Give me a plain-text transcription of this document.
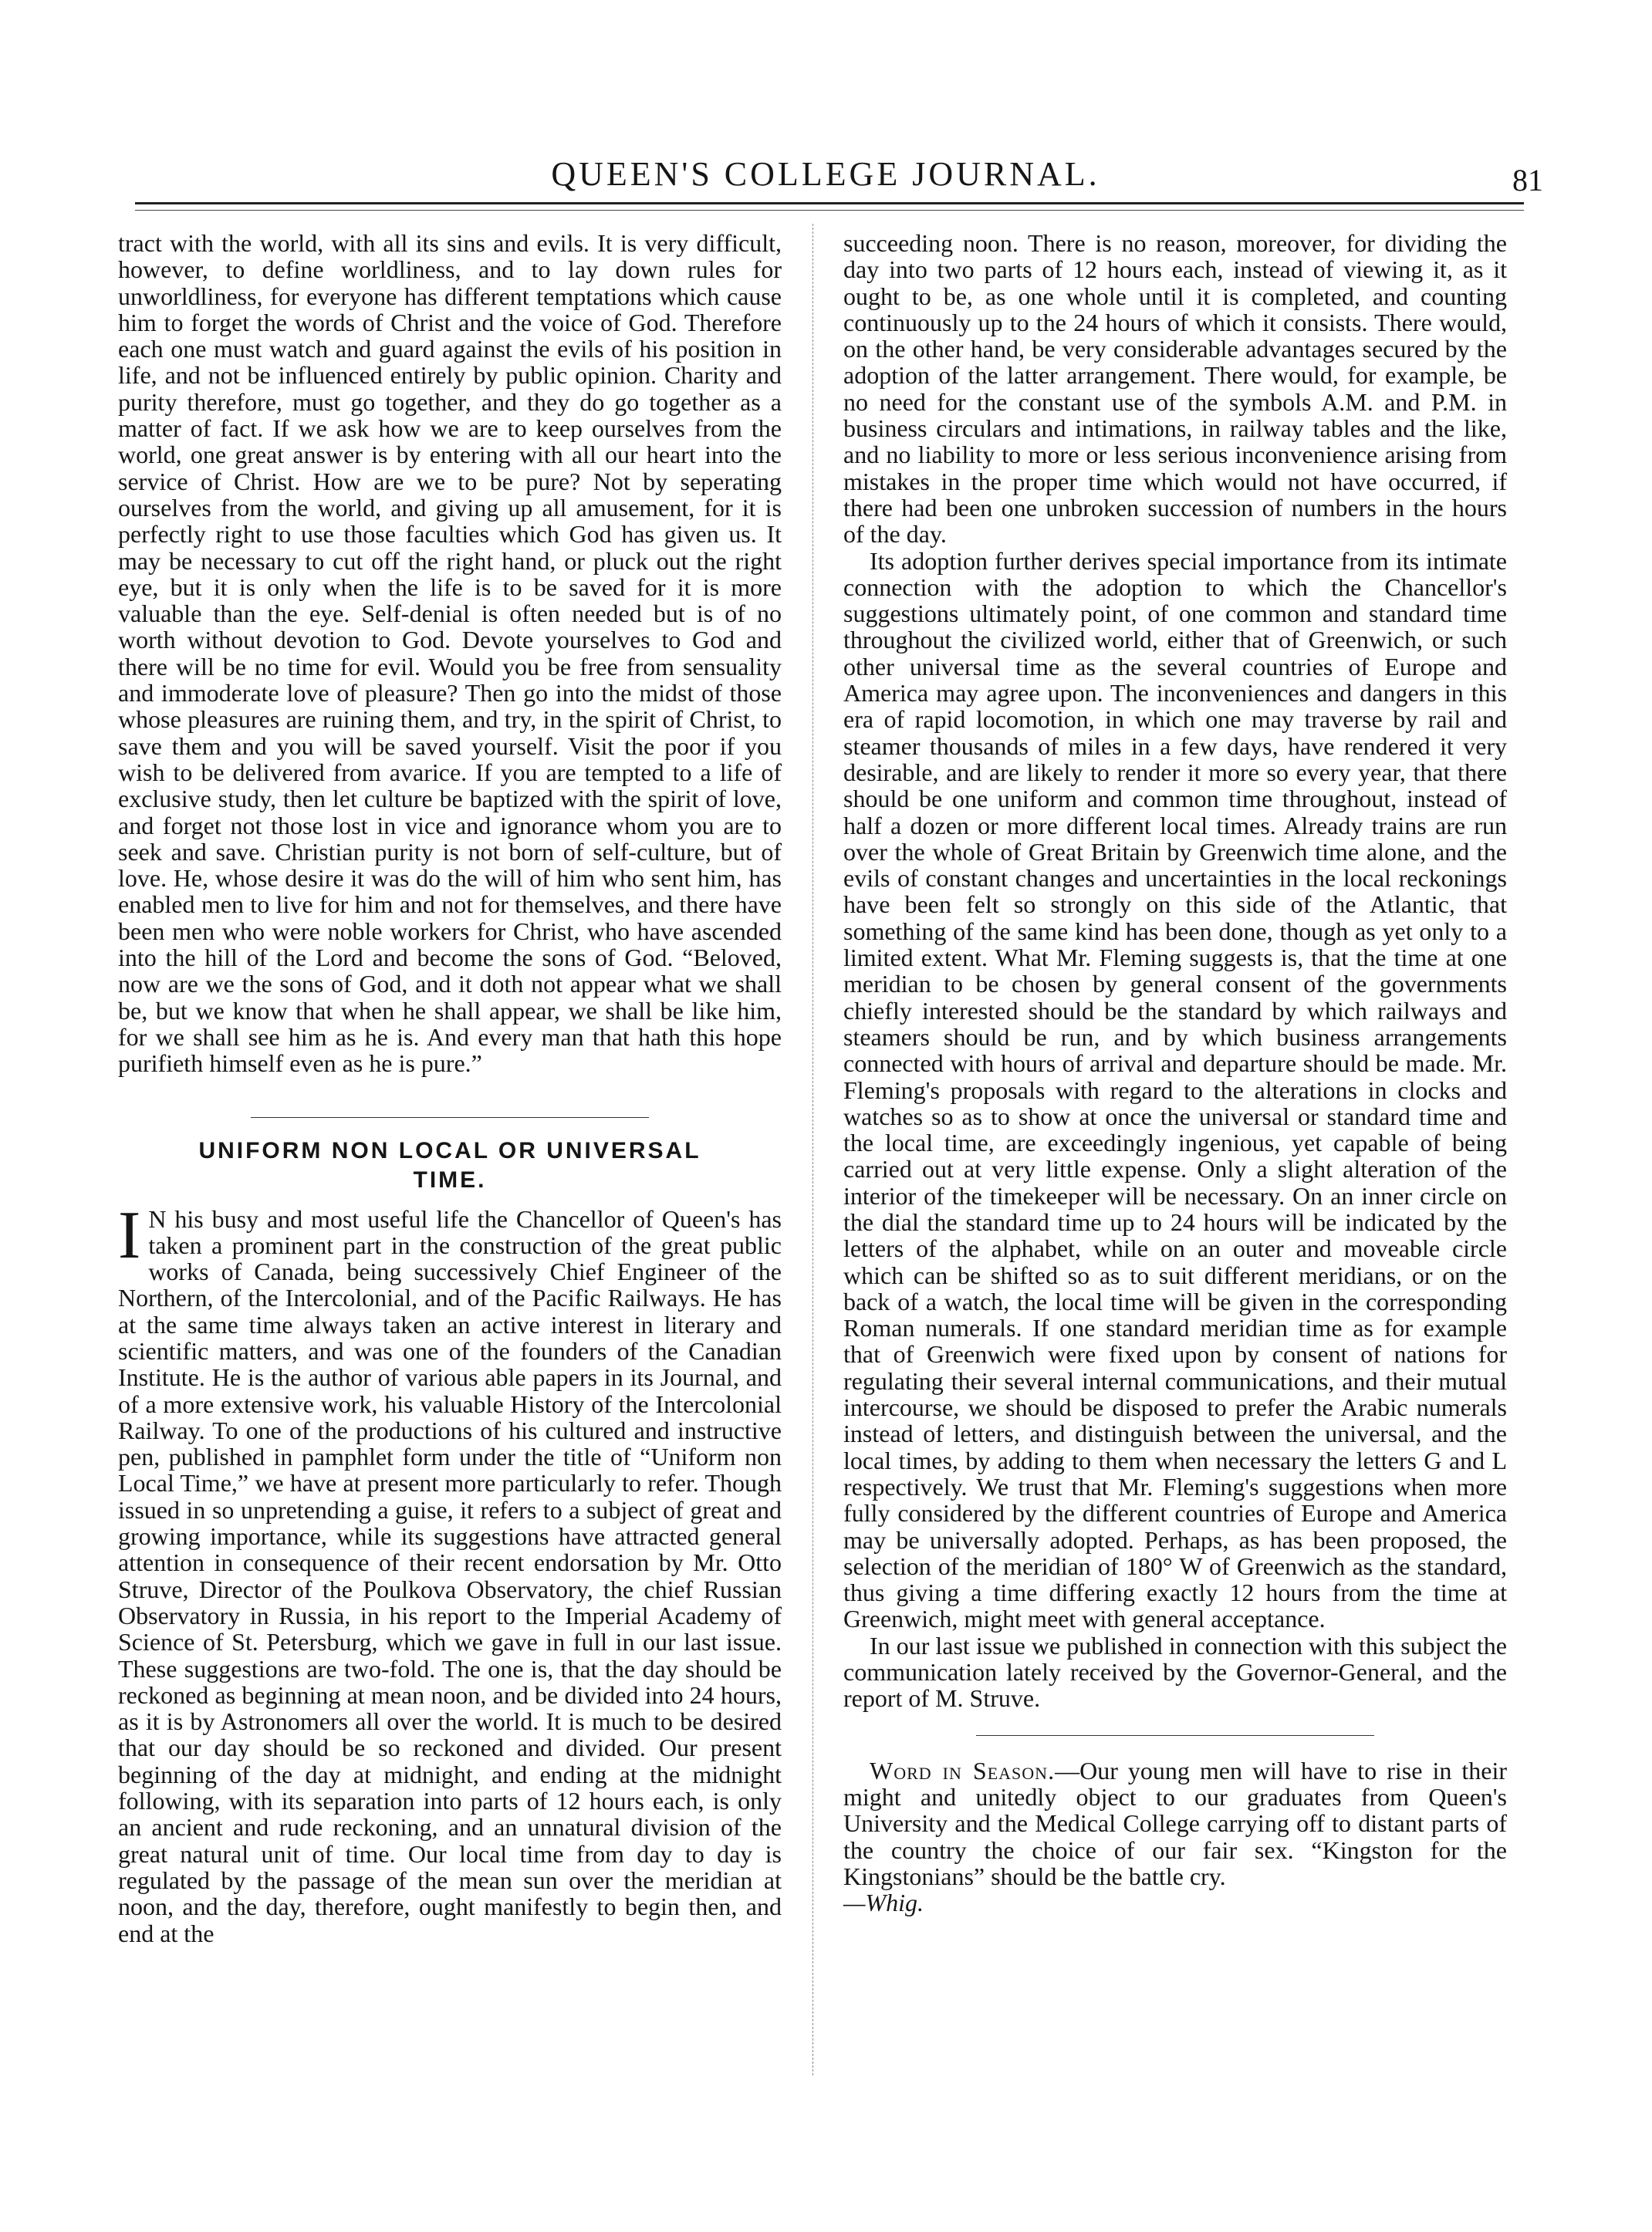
QUEEN'S COLLEGE JOURNAL.	81

tract with the world, with all its sins and evils. It is very difficult, however, to define worldliness, and to lay down rules for unworldliness, for everyone has different temptations which cause him to forget the words of Christ and the voice of God. Therefore each one must watch and guard against the evils of his position in life, and not be influenced entirely by public opinion. Charity and purity therefore, must go together, and they do go together as a matter of fact. If we ask how we are to keep ourselves from the world, one great answer is by entering with all our heart into the service of Christ. How are we to be pure? Not by seperating ourselves from the world, and giving up all amusement, for it is perfectly right to use those faculties which God has given us. It may be necessary to cut off the right hand, or pluck out the right eye, but it is only when the life is to be saved for it is more valuable than the eye. Self-denial is often needed but is of no worth without devotion to God. Devote yourselves to God and there will be no time for evil. Would you be free from sensuality and immoderate love of pleasure? Then go into the midst of those whose pleasures are ruining them, and try, in the spirit of Christ, to save them and you will be saved yourself. Visit the poor if you wish to be delivered from avarice. If you are tempted to a life of exclusive study, then let culture be baptized with the spirit of love, and forget not those lost in vice and ignorance whom you are to seek and save. Christian purity is not born of self-culture, but of love. He, whose desire it was do the will of him who sent him, has enabled men to live for him and not for themselves, and there have been men who were noble workers for Christ, who have ascended into the hill of the Lord and become the sons of God. “Beloved, now are we the sons of God, and it doth not appear what we shall be, but we know that when he shall appear, we shall be like him, for we shall see him as he is. And every man that hath this hope purifieth himself even as he is pure.”

UNIFORM NON LOCAL OR UNIVERSAL
TIME.

I N his busy and most useful life the Chancellor of Queen's has taken a prominent part in the construction of the great public works of Canada, being successively Chief Engineer of the Northern, of the Intercolonial, and of the Pacific Railways. He has at the same time always taken an active interest in literary and scientific matters, and was one of the founders of the Canadian Institute. He is the author of various able papers in its Journal, and of a more extensive work, his valuable History of the Intercolonial Railway. To one of the productions of his cultured and instructive pen, published in pamphlet form under the title of “Uniform non Local Time,” we have at present more particularly to refer. Though issued in so unpretending a guise, it refers to a subject of great and growing importance, while its suggestions have attracted general attention in consequence of their recent endorsation by Mr. Otto Struve, Director of the Poulkova Observatory, the chief Russian Observatory in Russia, in his report to the Imperial Academy of Science of St. Petersburg, which we gave in full in our last issue. These suggestions are two-fold. The one is, that the day should be reckoned as beginning at mean noon, and be divided into 24 hours, as it is by Astronomers all over the world. It is much to be desired that our day should be so reckoned and divided. Our present beginning of the day at midnight, and ending at the midnight following, with its separation into parts of 12 hours each, is only an ancient and rude reckoning, and an unnatural division of the great natural unit of time. Our local time from day to day is regulated by the passage of the mean sun over the meridian at noon, and the day, therefore, ought manifestly to begin then, and end at the

succeeding noon. There is no reason, moreover, for dividing the day into two parts of 12 hours each, instead of viewing it, as it ought to be, as one whole until it is completed, and counting continuously up to the 24 hours of which it consists. There would, on the other hand, be very considerable advantages secured by the adoption of the latter arrangement. There would, for example, be no need for the constant use of the symbols A.M. and P.M. in business circulars and intimations, in railway tables and the like, and no liability to more or less serious inconvenience arising from mistakes in the proper time which would not have occurred, if there had been one unbroken succession of numbers in the hours of the day.

Its adoption further derives special importance from its intimate connection with the adoption to which the Chancellor's suggestions ultimately point, of one common and standard time throughout the civilized world, either that of Greenwich, or such other universal time as the several countries of Europe and America may agree upon. The inconveniences and dangers in this era of rapid locomotion, in which one may traverse by rail and steamer thousands of miles in a few days, have rendered it very desirable, and are likely to render it more so every year, that there should be one uniform and common time throughout, instead of half a dozen or more different local times. Already trains are run over the whole of Great Britain by Greenwich time alone, and the evils of constant changes and uncertainties in the local reckonings have been felt so strongly on this side of the Atlantic, that something of the same kind has been done, though as yet only to a limited extent. What Mr. Fleming suggests is, that the time at one meridian to be chosen by general consent of the governments chiefly interested should be the standard by which railways and steamers should be run, and by which business arrangements connected with hours of arrival and departure should be made. Mr. Fleming's proposals with regard to the alterations in clocks and watches so as to show at once the universal or standard time and the local time, are exceedingly ingenious, yet capable of being carried out at very little expense. Only a slight alteration of the interior of the timekeeper will be necessary. On an inner circle on the dial the standard time up to 24 hours will be indicated by the letters of the alphabet, while on an outer and moveable circle which can be shifted so as to suit different meridians, or on the back of a watch, the local time will be given in the corresponding Roman numerals. If one standard meridian time as for example that of Greenwich were fixed upon by consent of nations for regulating their several internal communications, and their mutual intercourse, we should be disposed to prefer the Arabic numerals instead of letters, and distinguish between the universal, and the local times, by adding to them when necessary the letters G and L respectively. We trust that Mr. Fleming's suggestions when more fully considered by the different countries of Europe and America may be universally adopted. Perhaps, as has been proposed, the selection of the meridian of 180° W of Greenwich as the standard, thus giving a time differing exactly 12 hours from the time at Greenwich, might meet with general acceptance.

In our last issue we published in connection with this subject the communication lately received by the Governor-General, and the report of M. Struve.

Word in Season.—Our young men will have to rise in their might and unitedly object to our graduates from Queen's University and the Medical College carrying off to distant parts of the country the choice of our fair sex. “Kingston for the Kingstonians” should be the battle cry.
—Whig.
